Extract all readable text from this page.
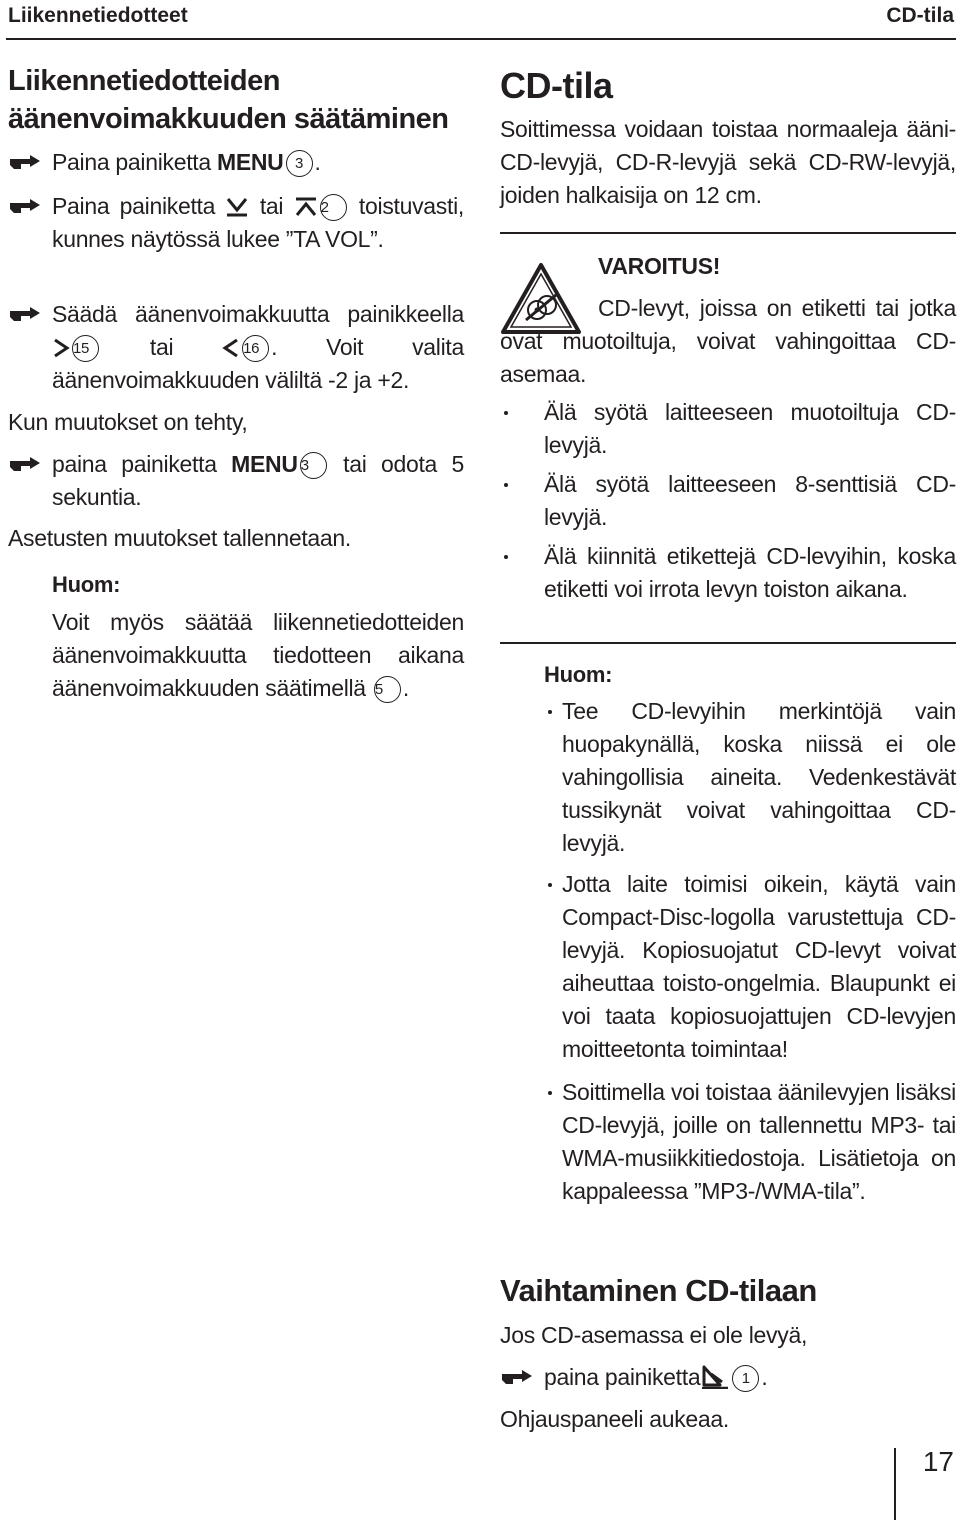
Liikennetiedotteet	CD-tila
Liikennetiedotteiden
äänenvoimakkuuden säätäminen
Paina painiketta MENU 3 .
Paina painiketta  tai 2 toistuvasti, kunnes näytössä lukee ”TA VOL”.
Säädä äänenvoimakkuutta painikkeella 15 tai 16 . Voit valita äänenvoimakkuuden väliltä -2 ja +2.
Kun muutokset on tehty,
paina painiketta MENU 3 tai odota 5 sekuntia.
Asetusten muutokset tallennetaan.
Huom:
Voit myös säätää liikennetiedotteiden äänenvoimakkuutta tiedotteen aikana äänenvoimakkuuden säätimellä 5 .
CD-tila
Soittimessa voidaan toistaa normaaleja ääni-CD-levyjä, CD-R-levyjä sekä CD-RW-levyjä, joiden halkaisija on 12 cm.
VAROITUS!
CD-levyt, joissa on etiketti tai jotka ovat muotoiltuja, voivat vahingoittaa CD-asemaa.
Älä syötä laitteeseen muotoiltuja CD-levyjä.
Älä syötä laitteeseen 8-senttisiä CD-levyjä.
Älä kiinnitä etikettejä CD-levyihin, koska etiketti voi irrota levyn toiston aikana.
Huom:
Tee CD-levyihin merkintöjä vain huopakynällä, koska niissä ei ole vahingollisia aineita. Vedenkestävät tussikynät voivat vahingoittaa CD-levyjä.
Jotta laite toimisi oikein, käytä vain Compact-Disc-logolla varustettuja CD-levyjä. Kopiosuojatut CD-levyt voivat aiheuttaa toisto-ongelmia. Blaupunkt ei voi taata kopiosuojattujen CD-levyjen moitteetonta toimintaa!
Soittimella voi toistaa äänilevyjen lisäksi CD-levyjä, joille on tallennettu MP3- tai WMA-musiikkitiedostoja. Lisätietoja on kappaleessa ”MP3-/WMA-tila”.
Vaihtaminen CD-tilaan
Jos CD-asemassa ei ole levyä,
paina painiketta	1 .
Ohjauspaneeli aukeaa.
17
